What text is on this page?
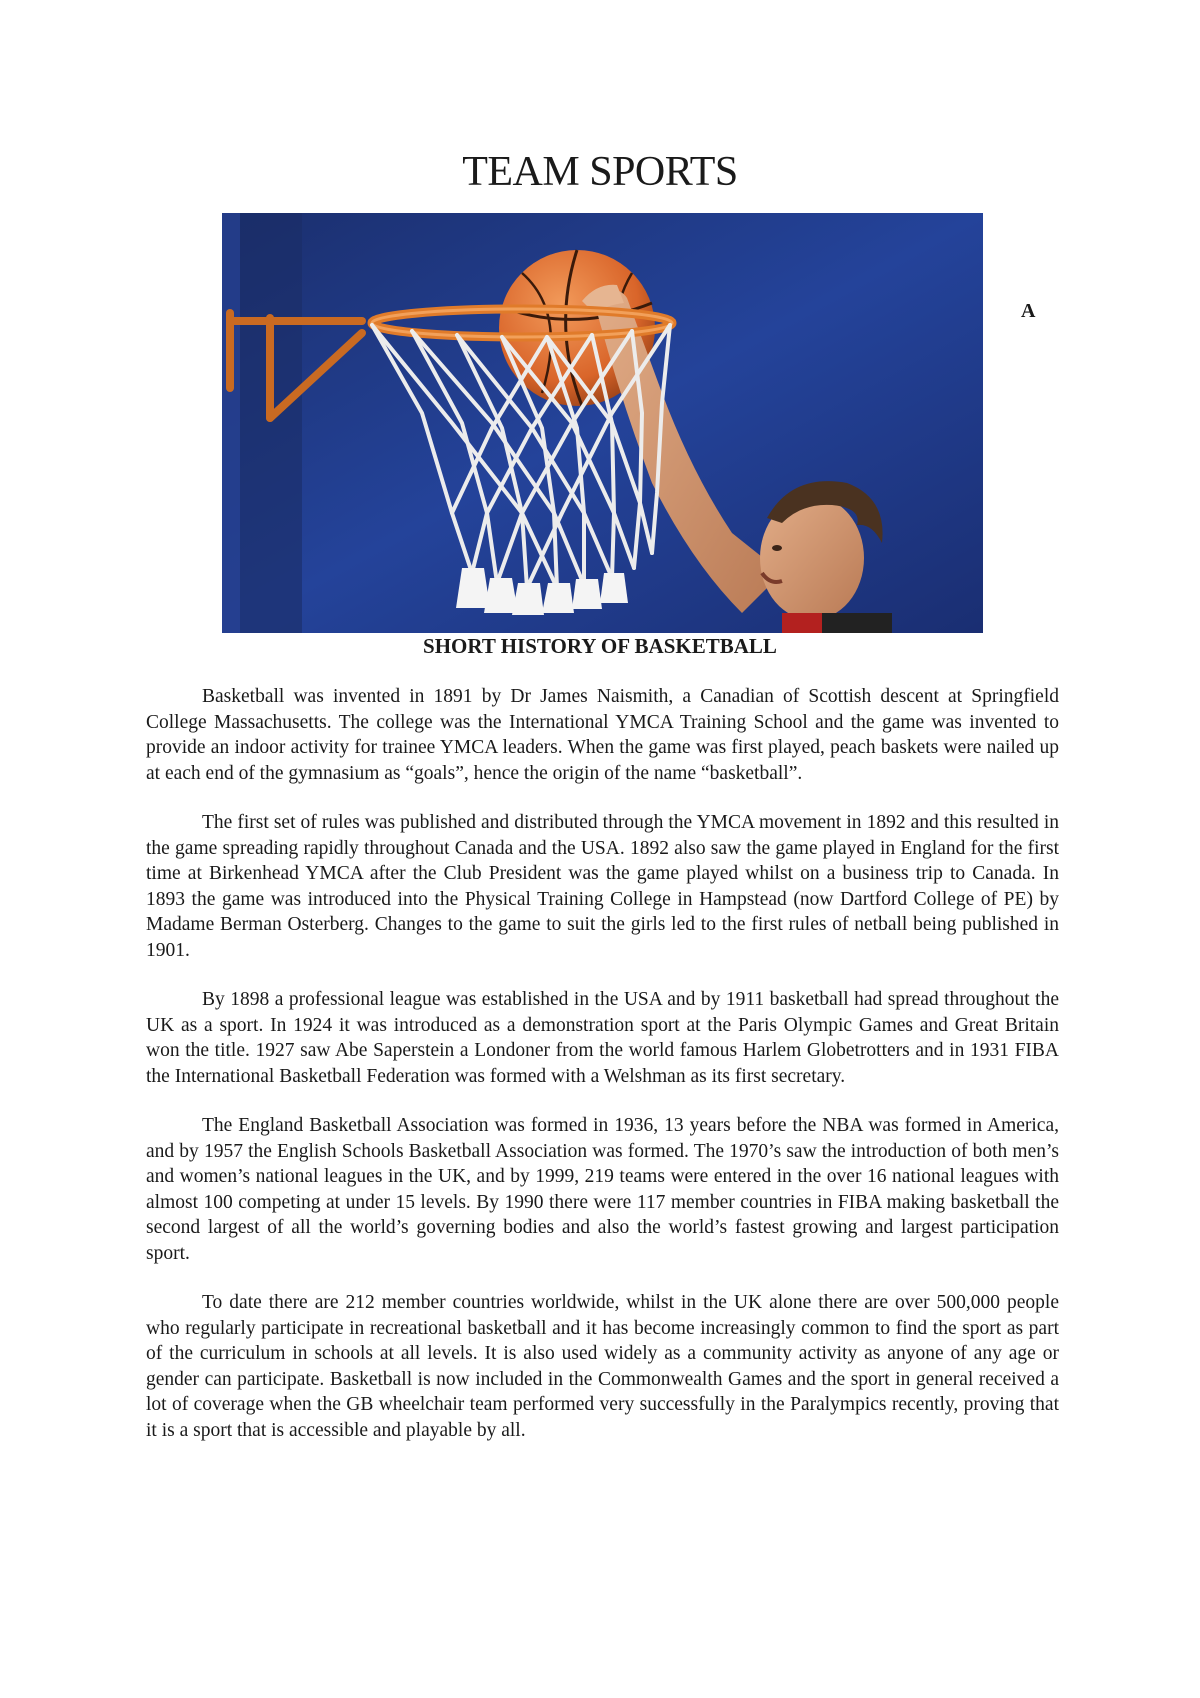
TEAM SPORTS
A
SHORT HISTORY OF BASKETBALL

Basketball was invented in 1891 by Dr James Naismith, a Canadian of Scottish descent at Springfield College Massachusetts. The college was the International YMCA Training School and the game was invented to provide an indoor activity for trainee YMCA leaders. When the game was first played, peach baskets were nailed up at each end of the gymnasium as “goals”, hence the origin of the name “basketball”.

The first set of rules was published and distributed through the YMCA movement in 1892 and this resulted in the game spreading rapidly throughout Canada and the USA. 1892 also saw the game played in England for the first time at Birkenhead YMCA after the Club President was the game played whilst on a business trip to Canada. In 1893 the game was introduced into the Physical Training College in Hampstead (now Dartford College of PE) by Madame Berman Osterberg. Changes to the game to suit the girls led to the first rules of netball being published in 1901.

By 1898 a professional league was established in the USA and by 1911 basketball had spread throughout the UK as a sport. In 1924 it was introduced as a demonstration sport at the Paris Olympic Games and Great Britain won the title. 1927 saw Abe Saperstein a Londoner from the world famous Harlem Globetrotters and in 1931 FIBA the International Basketball Federation was formed with a Welshman as its first secretary.

The England Basketball Association was formed in 1936, 13 years before the NBA was formed in America, and by 1957 the English Schools Basketball Association was formed. The 1970’s saw the introduction of both men’s and women’s national leagues in the UK, and by 1999, 219 teams were entered in the over 16 national leagues with almost 100 competing at under 15 levels. By 1990 there were 117 member countries in FIBA making basketball the second largest of all the world’s governing bodies and also the world’s fastest growing and largest participation sport.

To date there are 212 member countries worldwide, whilst in the UK alone there are over 500,000 people who regularly participate in recreational basketball and it has become increasingly common to find the sport as part of the curriculum in schools at all levels. It is also used widely as a community activity as anyone of any age or gender can participate. Basketball is now included in the Commonwealth Games and the sport in general received a lot of coverage when the GB wheelchair team performed very successfully in the Paralympics recently, proving that it is a sport that is accessible and playable by all.
